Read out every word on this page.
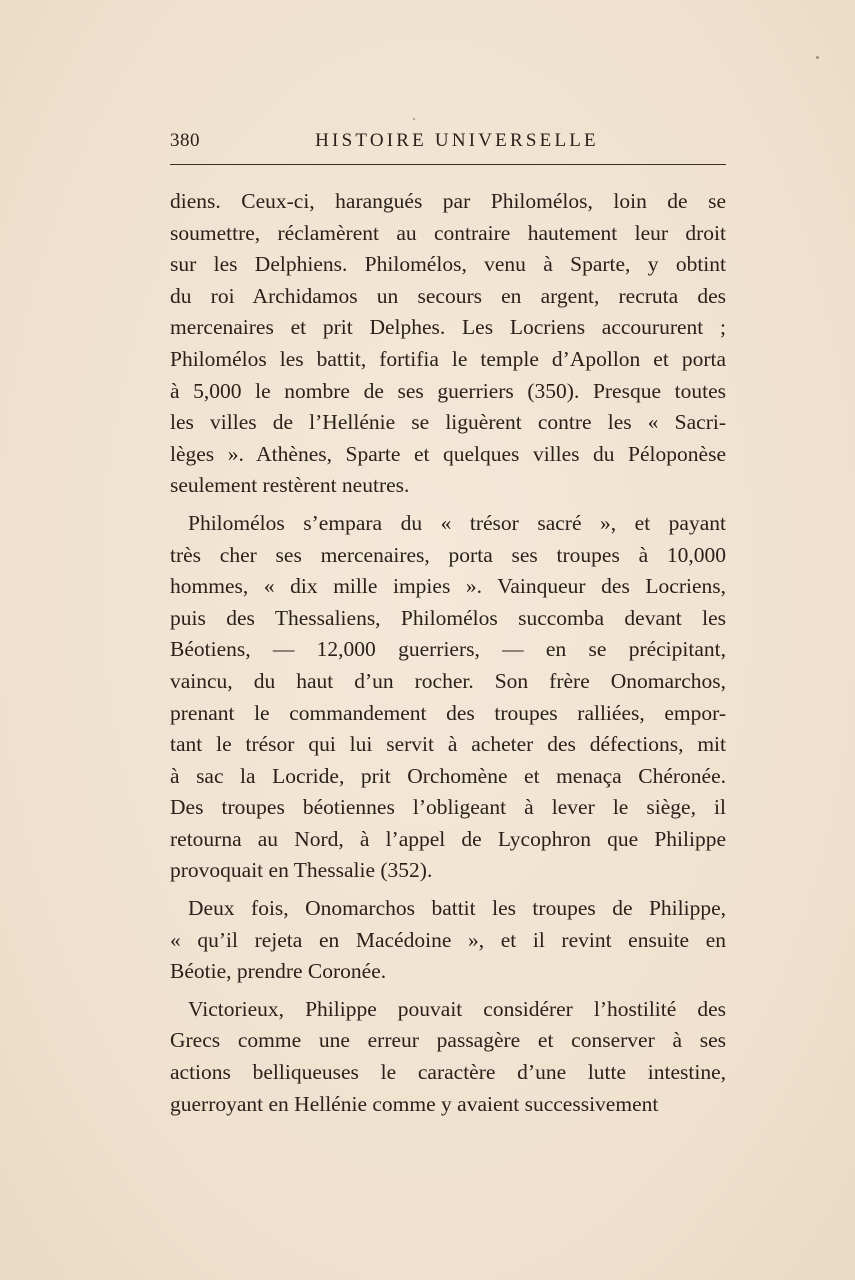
380	HISTOIRE UNIVERSELLE
diens. Ceux-ci, harangués par Philomélos, loin de se
soumettre, réclamèrent au contraire hautement leur droit
sur les Delphiens. Philomélos, venu à Sparte, y obtint
du roi Archidamos un secours en argent, recruta des
mercenaires et prit Delphes. Les Locriens accoururent ;
Philomélos les battit, fortifia le temple d’Apollon et porta
à 5,000 le nombre de ses guerriers (350). Presque toutes
les villes de l’Hellénie se liguèrent contre les « Sacri-
lèges ». Athènes, Sparte et quelques villes du Péloponèse
seulement restèrent neutres.
Philomélos s’empara du « trésor sacré », et payant
très cher ses mercenaires, porta ses troupes à 10,000
hommes, « dix mille impies ». Vainqueur des Locriens,
puis des Thessaliens, Philomélos succomba devant les
Béotiens, — 12,000 guerriers, — en se précipitant,
vaincu, du haut d’un rocher. Son frère Onomarchos,
prenant le commandement des troupes ralliées, empor-
tant le trésor qui lui servit à acheter des défections, mit
à sac la Locride, prit Orchomène et menaça Chéronée.
Des troupes béotiennes l’obligeant à lever le siège, il
retourna au Nord, à l’appel de Lycophron que Philippe
provoquait en Thessalie (352).
Deux fois, Onomarchos battit les troupes de Philippe,
« qu’il rejeta en Macédoine », et il revint ensuite en
Béotie, prendre Coronée.
Victorieux, Philippe pouvait considérer l’hostilité des
Grecs comme une erreur passagère et conserver à ses
actions belliqueuses le caractère d’une lutte intestine,
guerroyant en Hellénie comme y avaient successivement
